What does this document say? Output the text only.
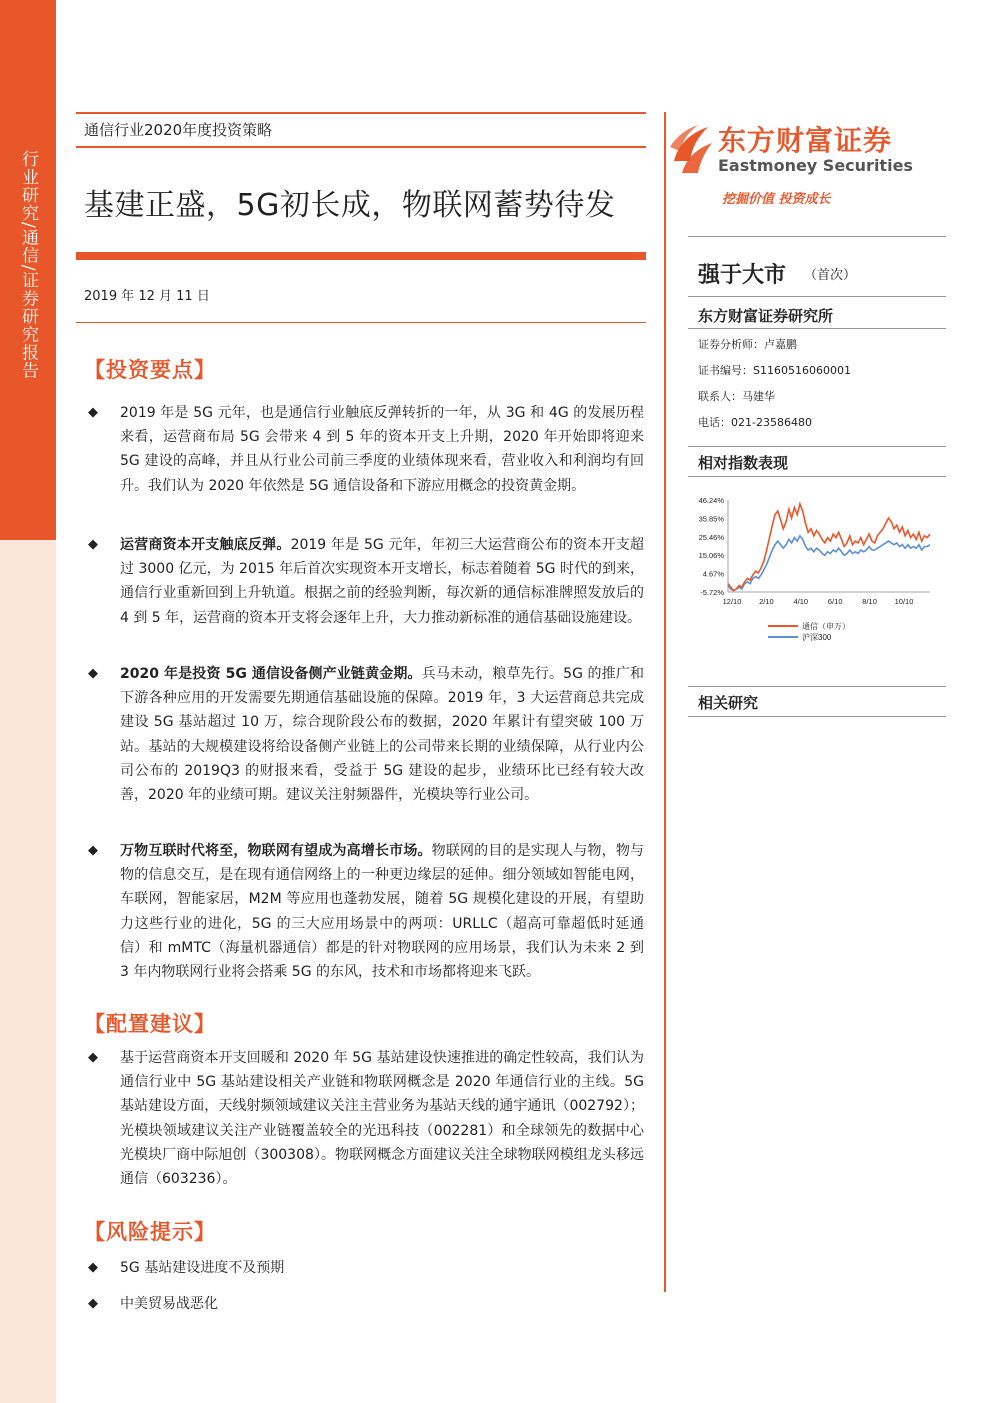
行业研究/通信/证券研究报告
通信行业2020年度投资策略
基建正盛，5G初长成，物联网蓄势待发
2019 年 12 月 11 日
【投资要点】
◆ 2019 年是 5G 元年，也是通信行业触底反弹转折的一年，从 3G 和 4G 的发展历程来看，运营商布局 5G 会带来 4 到 5 年的资本开支上升期，2020 年开始即将迎来 5G 建设的高峰，并且从行业公司前三季度的业绩体现来看，营业收入和利润均有回升。我们认为 2020 年依然是 5G 通信设备和下游应用概念的投资黄金期。
◆ 运营商资本开支触底反弹。2019 年是 5G 元年，年初三大运营商公布的资本开支超过 3000 亿元，为 2015 年后首次实现资本开支增长，标志着随着 5G 时代的到来，通信行业重新回到上升轨道。根据之前的经验判断，每次新的通信标准牌照发放后的 4 到 5 年，运营商的资本开支将会逐年上升，大力推动新标准的通信基础设施建设。
◆ 2020 年是投资 5G 通信设备侧产业链黄金期。兵马未动，粮草先行。5G 的推广和下游各种应用的开发需要先期通信基础设施的保障。2019 年，3 大运营商总共完成建设 5G 基站超过 10 万，综合现阶段公布的数据，2020 年累计有望突破 100 万站。基站的大规模建设将给设备侧产业链上的公司带来长期的业绩保障，从行业内公司公布的 2019Q3 的财报来看，受益于 5G 建设的起步，业绩环比已经有较大改善，2020 年的业绩可期。建议关注射频器件，光模块等行业公司。
◆ 万物互联时代将至，物联网有望成为高增长市场。物联网的目的是实现人与物，物与物的信息交互，是在现有通信网络上的一种更边缘层的延伸。细分领域如智能电网，车联网，智能家居，M2M 等应用也蓬勃发展，随着 5G 规模化建设的开展，有望助力这些行业的进化，5G 的三大应用场景中的两项：URLLC（超高可靠超低时延通信）和 mMTC（海量机器通信）都是的针对物联网的应用场景，我们认为未来 2 到 3 年内物联网行业将会搭乘 5G 的东风，技术和市场都将迎来飞跃。
【配置建议】
◆ 基于运营商资本开支回暖和 2020 年 5G 基站建设快速推进的确定性较高，我们认为通信行业中 5G 基站建设相关产业链和物联网概念是 2020 年通信行业的主线。5G 基站建设方面，天线射频领域建议关注主营业务为基站天线的通宇通讯（002792）；光模块领域建议关注产业链覆盖较全的光迅科技（002281）和全球领先的数据中心光模块厂商中际旭创（300308）。物联网概念方面建议关注全球物联网模组龙头移远通信（603236）。
【风险提示】
◆ 5G 基站建设进度不及预期
◆ 中美贸易战恶化
东方财富证券
Eastmoney Securities
挖掘价值 投资成长
强于大市 （首次）
东方财富证券研究所
证券分析师：卢嘉鹏
证书编号：S1160516060001
联系人：马建华
电话：021-23586480
相对指数表现
46.24%
35.85%
25.46%
15.06%
4.67%
-5.72%
12/10 2/10	4/10	6/10	8/10 10/10
通信（申万）
沪深300
相关研究
